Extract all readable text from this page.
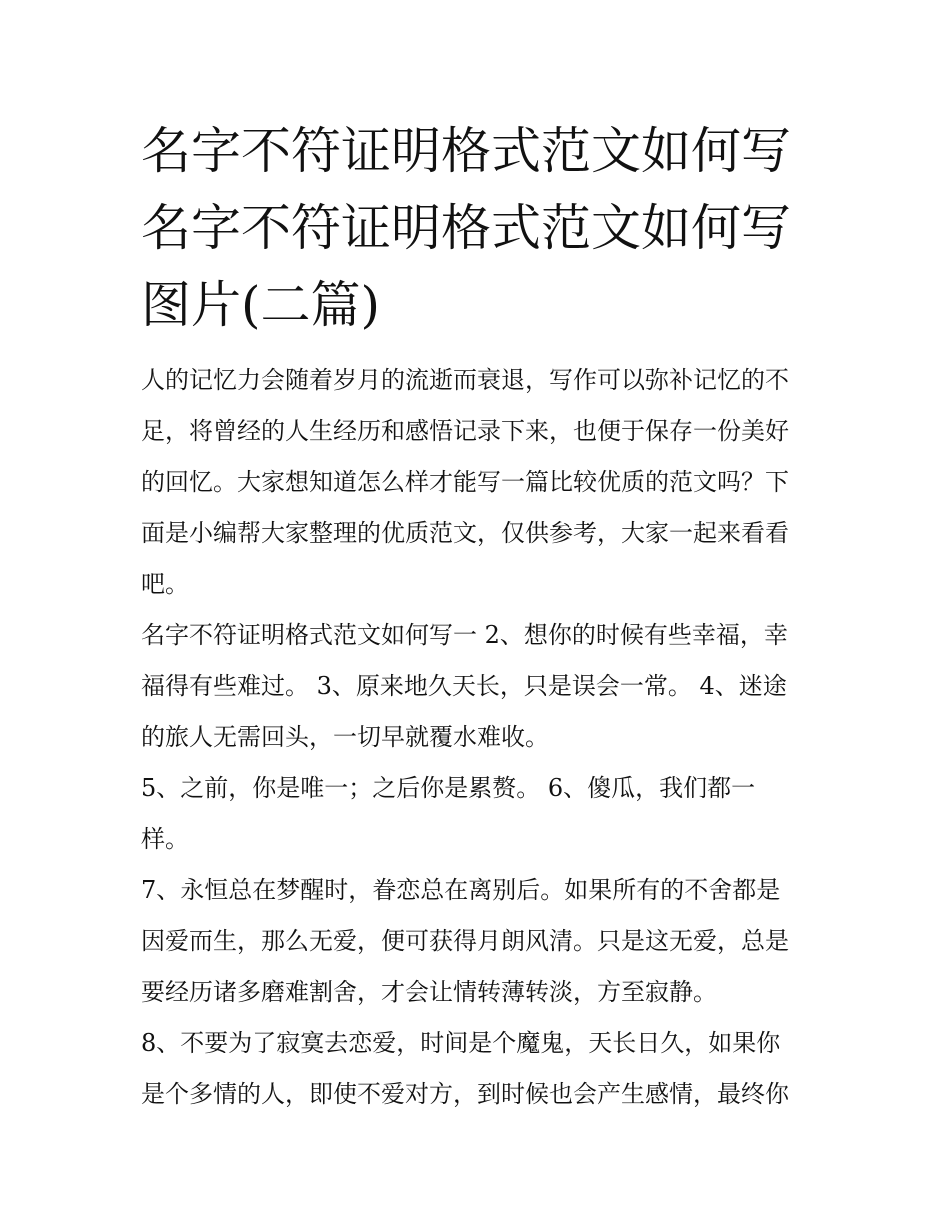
名字不符证明格式范文如何写
名字不符证明格式范文如何写
图片(二篇)

人的记忆力会随着岁月的流逝而衰退，写作可以弥补记忆的不
足，将曾经的人生经历和感悟记录下来，也便于保存一份美好
的回忆。大家想知道怎么样才能写一篇比较优质的范文吗？下
面是小编帮大家整理的优质范文，仅供参考，大家一起来看看
吧。

名字不符证明格式范文如何写一 2、想你的时候有些幸福，幸
福得有些难过。 3、原来地久天长，只是误会一常。 4、迷途
的旅人无需回头，一切早就覆水难收。

5、之前，你是唯一；之后你是累赘。 6、傻瓜，我们都一
样。

7、永恒总在梦醒时，眷恋总在离别后。如果所有的不舍都是
因爱而生，那么无爱，便可获得月朗风清。只是这无爱，总是
要经历诸多磨难割舍，才会让情转薄转淡，方至寂静。

8、不要为了寂寞去恋爱，时间是个魔鬼，天长日久，如果你
是个多情的人，即使不爱对方，到时候也会产生感情，最终你
